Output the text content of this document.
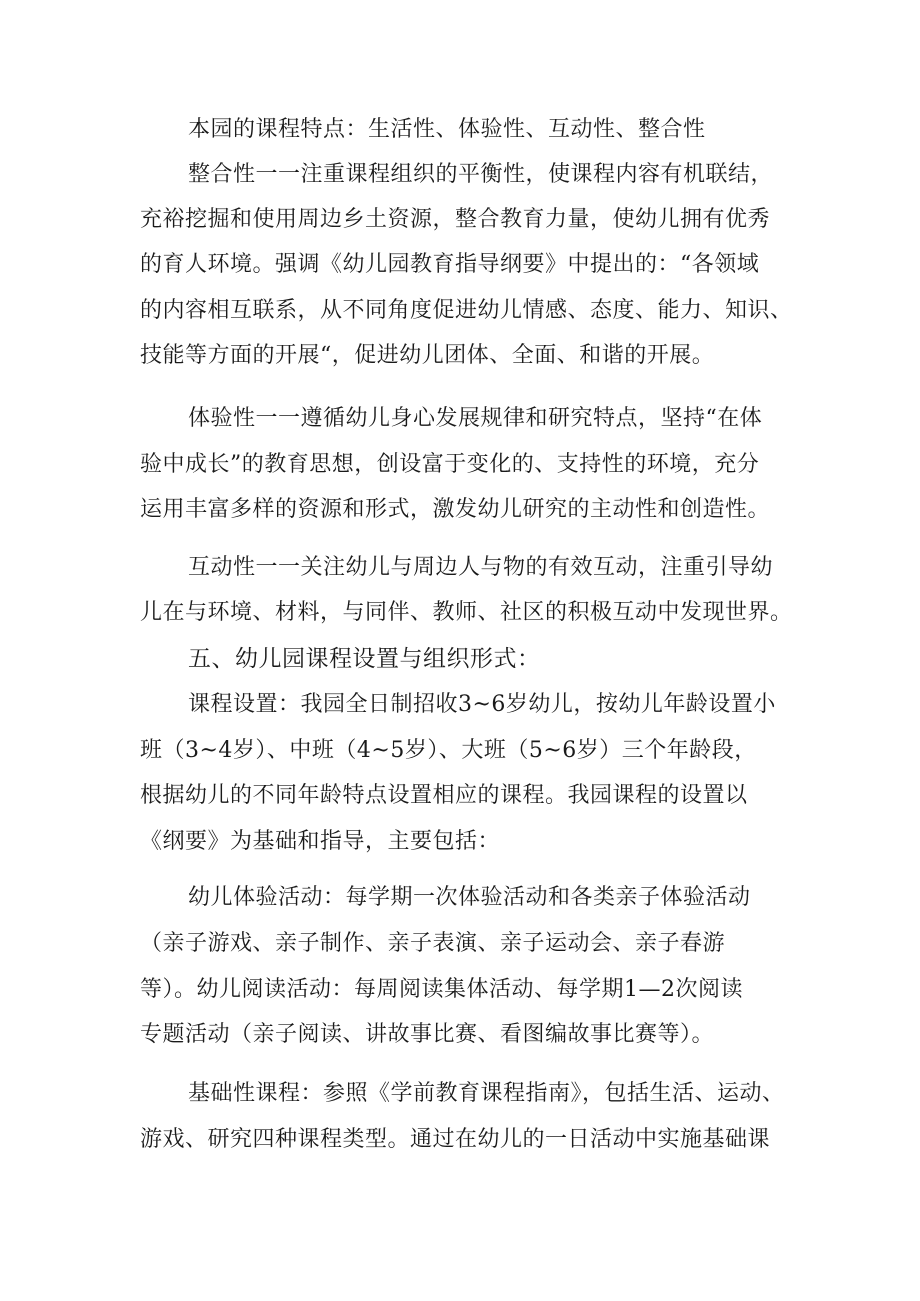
本园的课程特点：生活性、体验性、互动性、整合性
整合性一一注重课程组织的平衡性，使课程内容有机联结，
充裕挖掘和使用周边乡土资源，整合教育力量，使幼儿拥有优秀
的育人环境。强调《幼儿园教育指导纲要》中提出的：“各领域
的内容相互联系，从不同角度促进幼儿情感、态度、能力、知识、
技能等方面的开展“，促进幼儿团体、全面、和谐的开展。
体验性一一遵循幼儿身心发展规律和研究特点，坚持“在体
验中成长”的教育思想，创设富于变化的、支持性的环境，充分
运用丰富多样的资源和形式，激发幼儿研究的主动性和创造性。
互动性一一关注幼儿与周边人与物的有效互动，注重引导幼
儿在与环境、材料，与同伴、教师、社区的积极互动中发现世界。
五、幼儿园课程设置与组织形式：
课程设置：我园全日制招收3~6岁幼儿，按幼儿年龄设置小
班（3~4岁）、中班（4~5岁）、大班（5~6岁）三个年龄段，
根据幼儿的不同年龄特点设置相应的课程。我园课程的设置以
《纲要》为基础和指导，主要包括：
幼儿体验活动：每学期一次体验活动和各类亲子体验活动
（亲子游戏、亲子制作、亲子表演、亲子运动会、亲子春游
等）。幼儿阅读活动：每周阅读集体活动、每学期1—2次阅读
专题活动（亲子阅读、讲故事比赛、看图编故事比赛等）。
基础性课程：参照《学前教育课程指南》，包括生活、运动、
游戏、研究四种课程类型。通过在幼儿的一日活动中实施基础课
